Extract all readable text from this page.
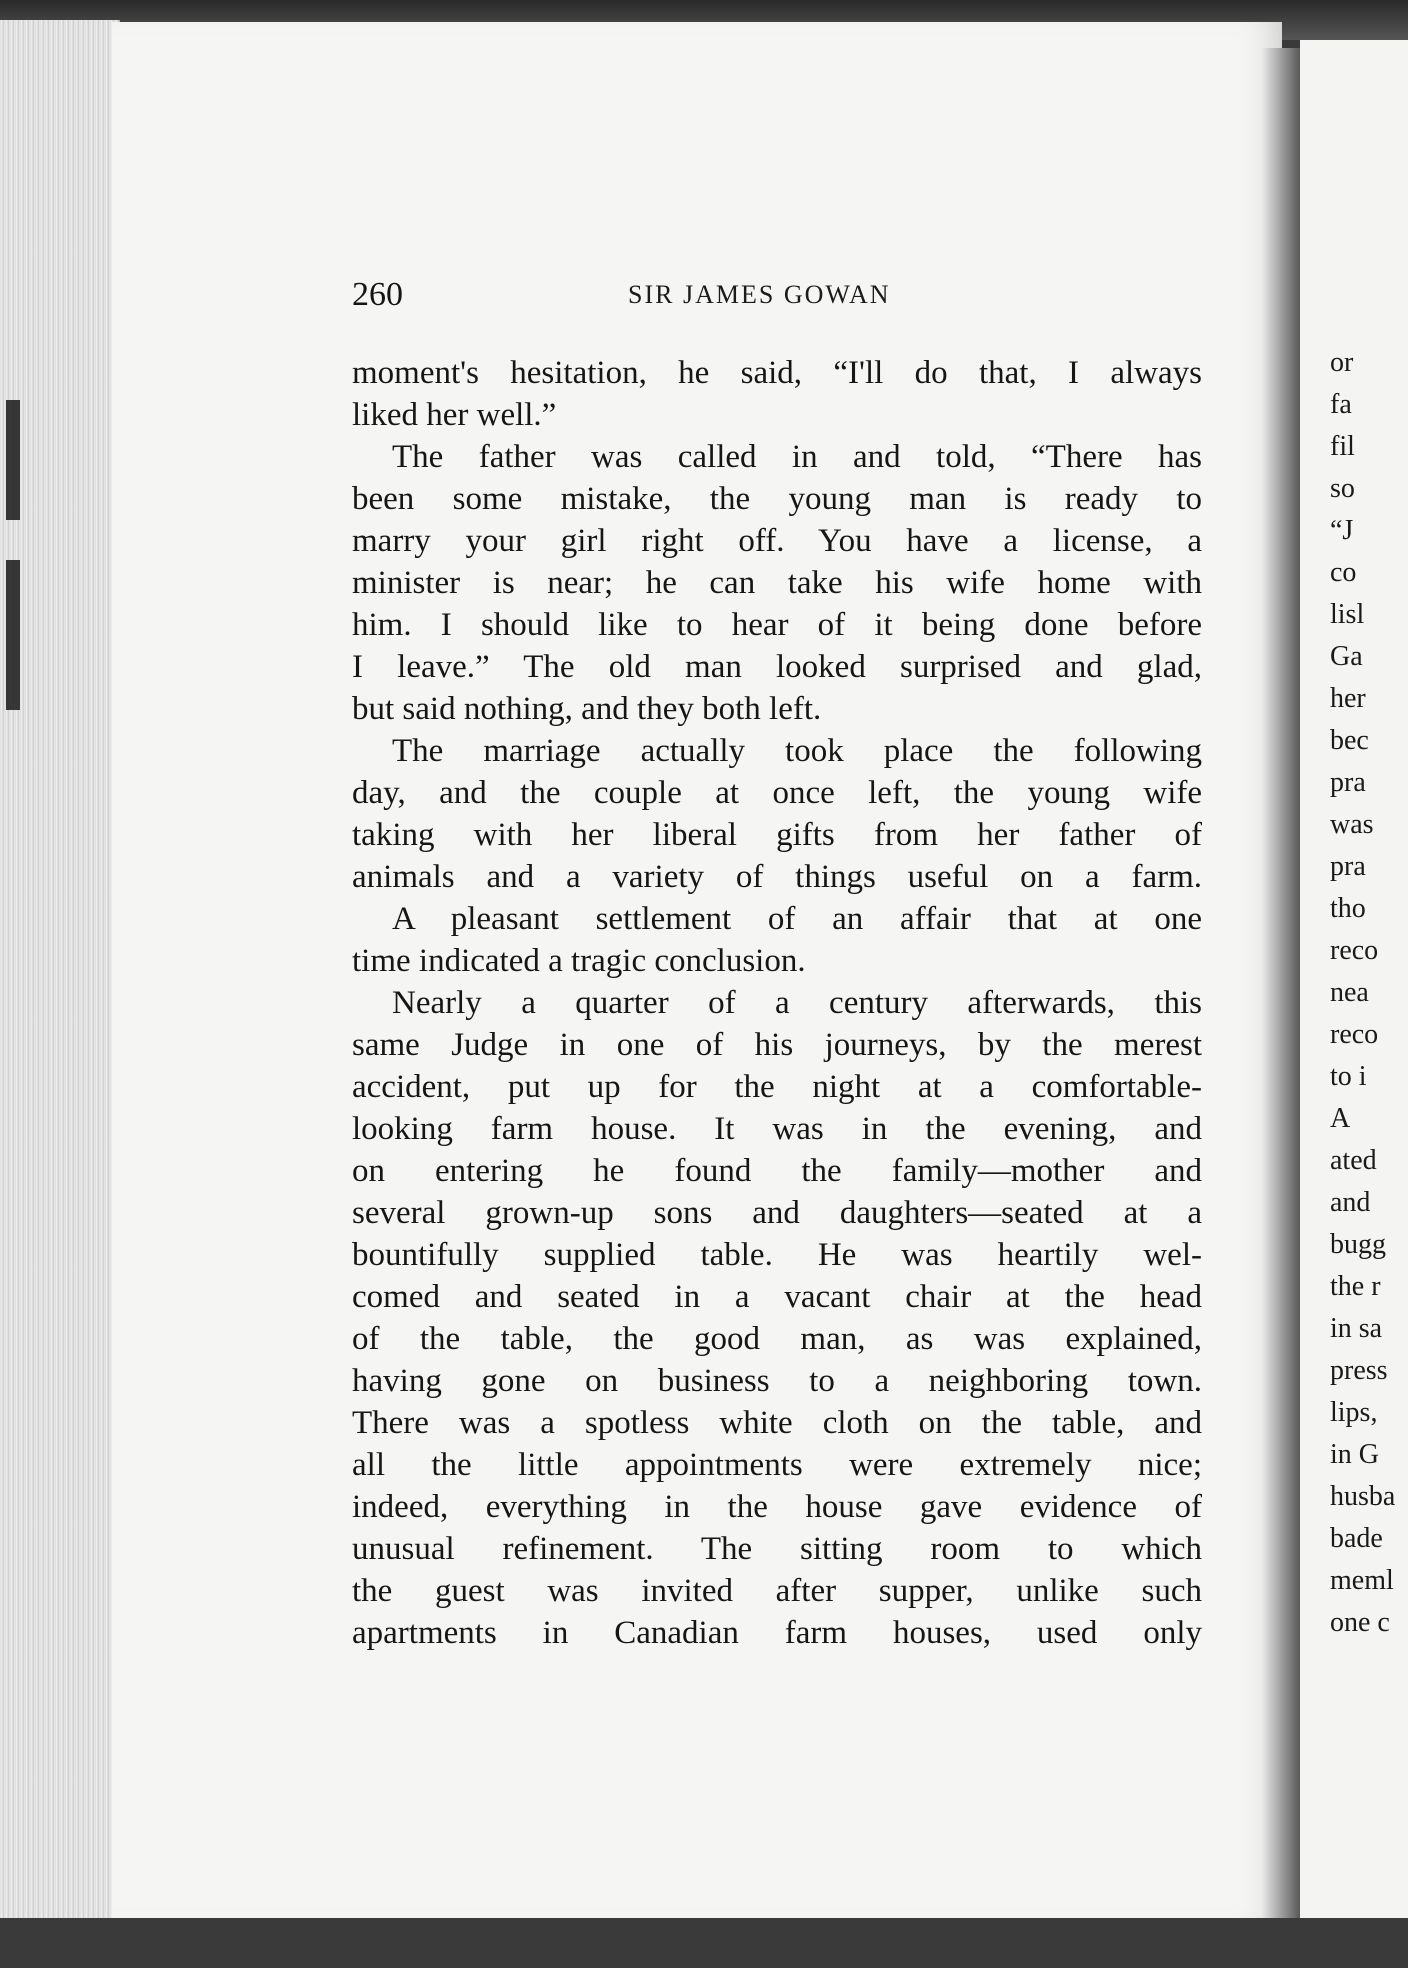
260	SIR JAMES GOWAN
moment's hesitation, he said, “I'll do that, I always
liked her well.”
The father was called in and told, “There has
been some mistake, the young man is ready to
marry your girl right off. You have a license, a
minister is near; he can take his wife home with
him. I should like to hear of it being done before
I leave.” The old man looked surprised and glad,
but said nothing, and they both left.
The marriage actually took place the following
day, and the couple at once left, the young wife
taking with her liberal gifts from her father of
animals and a variety of things useful on a farm.
A pleasant settlement of an affair that at one
time indicated a tragic conclusion.
Nearly a quarter of a century afterwards, this
same Judge in one of his journeys, by the merest
accident, put up for the night at a comfortable-
looking farm house. It was in the evening, and
on entering he found the family—mother and
several grown-up sons and daughters—seated at a
bountifully supplied table. He was heartily wel-
comed and seated in a vacant chair at the head
of the table, the good man, as was explained,
having gone on business to a neighboring town.
There was a spotless white cloth on the table, and
all the little appointments were extremely nice;
indeed, everything in the house gave evidence of
unusual refinement. The sitting room to which
the guest was invited after supper, unlike such
apartments in Canadian farm houses, used only
or
fa
fil
so
“J
co
lisl
Ga
her
bec
pra
was
pra
tho
reco
nea
reco
to i
A
ated
and
bugg
the r
in sa
press
lips,
in G
husba
bade
meml
one c
